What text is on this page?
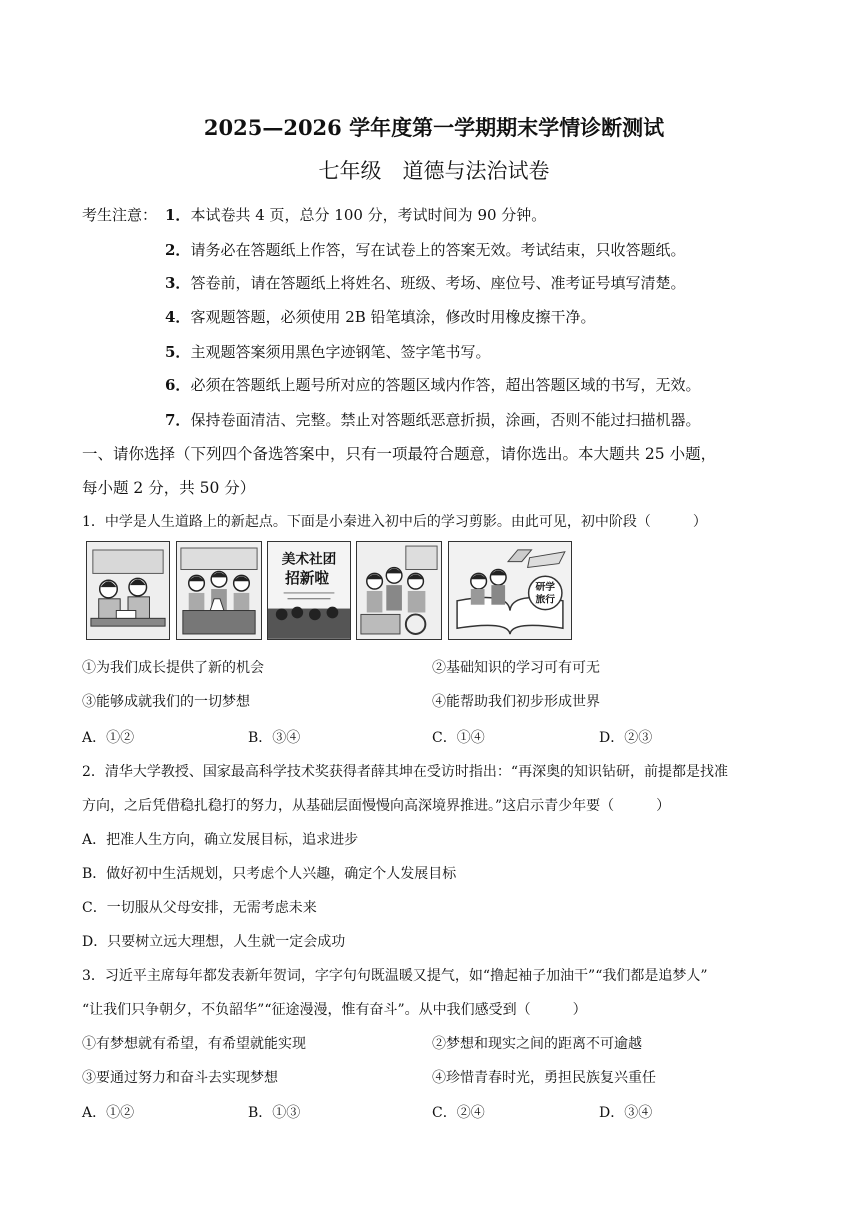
2025—2026 学年度第一学期期末学情诊断测试
七年级　道德与法治试卷
考生注意： 1．本试卷共 4 页，总分 100 分，考试时间为 90 分钟。
2．请务必在答题纸上作答，写在试卷上的答案无效。考试结束，只收答题纸。
3．答卷前，请在答题纸上将姓名、班级、考场、座位号、准考证号填写清楚。
4．客观题答题，必须使用 2B 铅笔填涂，修改时用橡皮擦干净。
5．主观题答案须用黑色字迹钢笔、签字笔书写。
6．必须在答题纸上题号所对应的答题区域内作答，超出答题区域的书写，无效。
7．保持卷面清洁、完整。禁止对答题纸恶意折损，涂画，否则不能过扫描机器。
一、请你选择（下列四个备选答案中，只有一项最符合题意，请你选出。本大题共 25 小题，
每小题 2 分，共 50 分）
1．中学是人生道路上的新起点。下面是小秦进入初中后的学习剪影。由此可见，初中阶段（　　　）
美术社团
招新啦
研学
旅行
①为我们成长提供了新的机会	②基础知识的学习可有可无
③能够成就我们的一切梦想	④能帮助我们初步形成世界
A．①②	B．③④	C．①④	D．②③
2．清华大学教授、国家最高科学技术奖获得者薛其坤在受访时指出：“再深奥的知识钻研，前提都是找准
方向，之后凭借稳扎稳打的努力，从基础层面慢慢向高深境界推进。”这启示青少年要（　　　）
A．把准人生方向，确立发展目标，追求进步
B．做好初中生活规划，只考虑个人兴趣，确定个人发展目标
C．一切服从父母安排，无需考虑未来
D．只要树立远大理想，人生就一定会成功
3．习近平主席每年都发表新年贺词，字字句句既温暖又提气，如“撸起袖子加油干”“我们都是追梦人”
“让我们只争朝夕，不负韶华”“征途漫漫，惟有奋斗”。从中我们感受到（　　　）
①有梦想就有希望，有希望就能实现	②梦想和现实之间的距离不可逾越
③要通过努力和奋斗去实现梦想	④珍惜青春时光，勇担民族复兴重任
A．①②	B．①③	C．②④	D．③④
